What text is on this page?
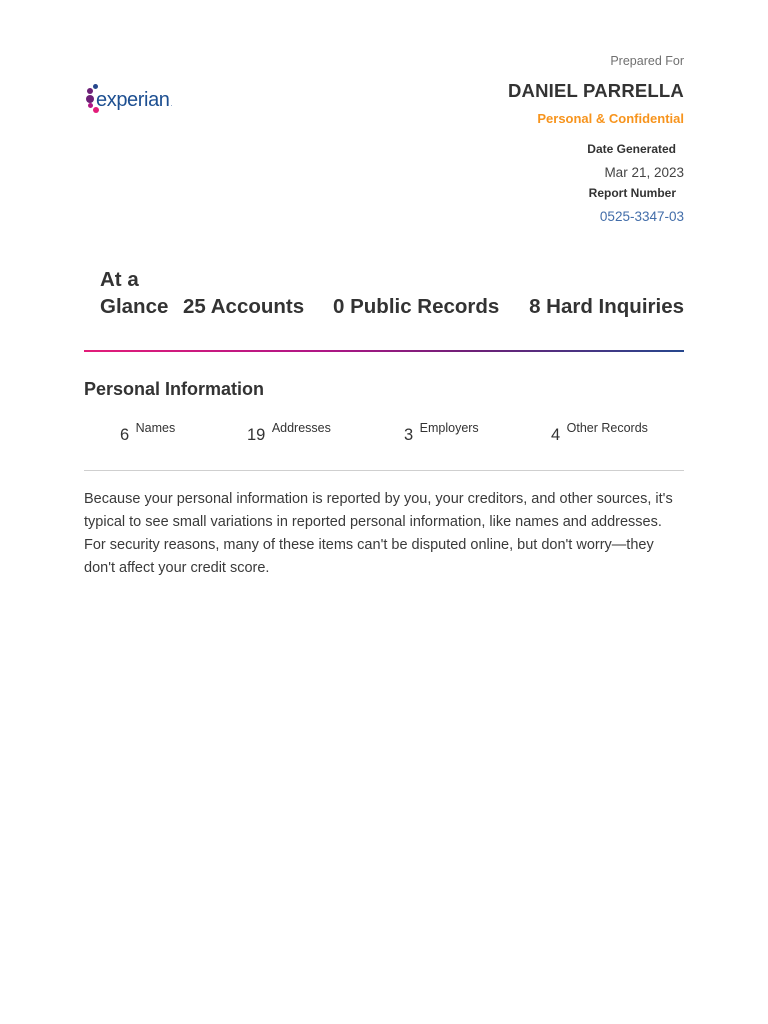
experian.
Prepared For
DANIEL PARRELLA
Personal & Confidential
Date Generated
Mar 21, 2023
Report Number
0525-3347-03
At a
Glance 25 Accounts 0 Public Records 8 Hard Inquiries
Personal Information
6 Names	19 Addresses	3 Employers	4 Other Records

Because your personal information is reported by you, your creditors, and other sources, it's typical to see small variations in reported personal information, like names and addresses. For security reasons, many of these items can't be disputed online, but don't worry—they don't affect your credit score.
